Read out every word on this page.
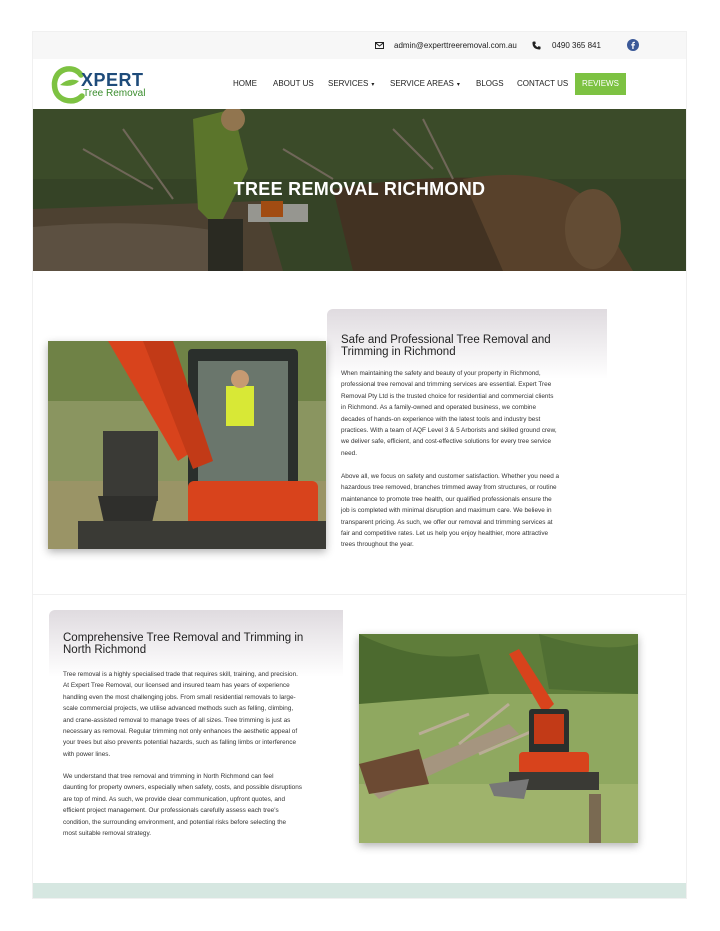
admin@experttreeremoval.com.au	0490 365 841
XPERT
Tree Removal
HOME ABOUT US SERVICES ▾ SERVICE AREAS ▾ BLOGS CONTACT US	REVIEWS
TREE REMOVAL RICHMOND
Safe and Professional Tree Removal and
Trimming in Richmond
When maintaining the safety and beauty of your property in Richmond,
professional tree removal and trimming services are essential. Expert Tree
Removal Pty Ltd is the trusted choice for residential and commercial clients
in Richmond. As a family-owned and operated business, we combine
decades of hands-on experience with the latest tools and industry best
practices. With a team of AQF Level 3 & 5 Arborists and skilled ground crew,
we deliver safe, efficient, and cost-effective solutions for every tree service
need.
Above all, we focus on safety and customer satisfaction. Whether you need a
hazardous tree removed, branches trimmed away from structures, or routine
maintenance to promote tree health, our qualified professionals ensure the
job is completed with minimal disruption and maximum care. We believe in
transparent pricing. As such, we offer our removal and trimming services at
fair and competitive rates. Let us help you enjoy healthier, more attractive
trees throughout the year.
Comprehensive Tree Removal and Trimming in
North Richmond
Tree removal is a highly specialised trade that requires skill, training, and precision.
At Expert Tree Removal, our licensed and insured team has years of experience
handling even the most challenging jobs. From small residential removals to large-
scale commercial projects, we utilise advanced methods such as felling, climbing,
and crane-assisted removal to manage trees of all sizes. Tree trimming is just as
necessary as removal. Regular trimming not only enhances the aesthetic appeal of
your trees but also prevents potential hazards, such as falling limbs or interference
with power lines.
We understand that tree removal and trimming in North Richmond can feel
daunting for property owners, especially when safety, costs, and possible disruptions
are top of mind. As such, we provide clear communication, upfront quotes, and
efficient project management. Our professionals carefully assess each tree's
condition, the surrounding environment, and potential risks before selecting the
most suitable removal strategy.
